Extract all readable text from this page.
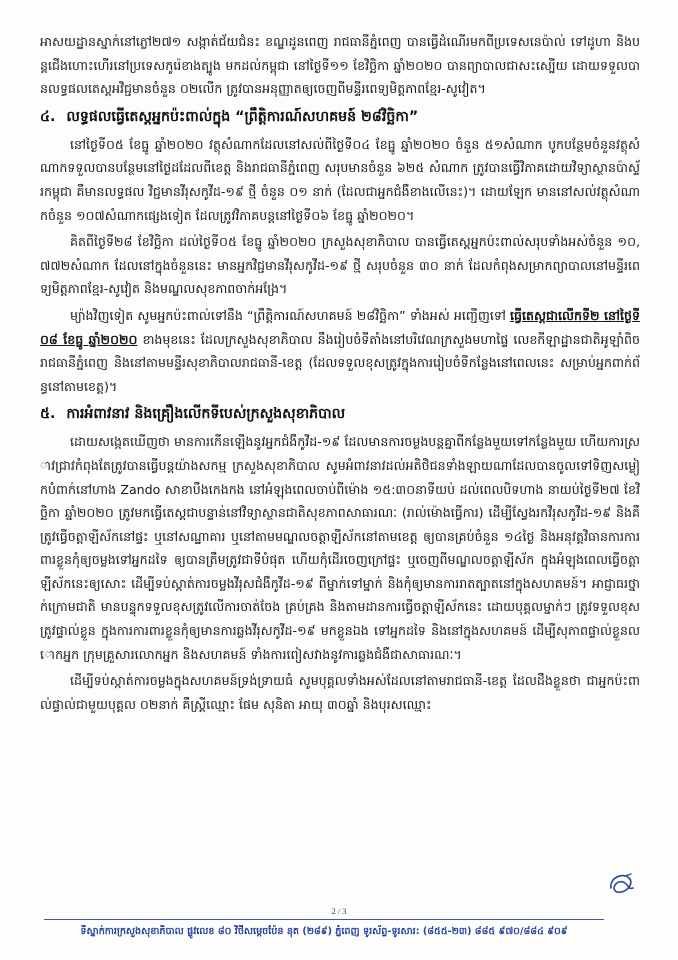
អាសយដ្ឋានស្នាក់នៅភ្លៅ២៧១ សង្កាត់ជ័យជំនះ ខណ្ឌដូនពេញ រាជធានីភ្នំពេញ បានធ្វើដំណើរមកពីប្រទេសនេប៉ាល់ ទៅដូហា និងបន្តជើងហោះហើរនៅប្រទេសកូរ៉េខាងត្បូង មកដល់កម្ពុជា នៅថ្ងៃទី១១ ខែវិច្ឆិកា ឆ្នាំ២០២០ បានព្យាបាលជាសះស្បើយ ដោយទទួលបានលទ្ធផលតេស្តអវិជ្ជមានចំនួន ០២លើក ត្រូវបានអនុញ្ញាតឲ្យចេញពីមន្ទីរពេទ្យមិត្តភាពខ្មែរ-សូវៀត។

៤. លទ្ធផលធ្វើតេស្តអ្នកប៉ះពាល់ក្នុង “ព្រឹត្តិការណ៍សហគមន៍ ២៨វិច្ឆិកា”

នៅថ្ងៃទី០៥ ខែធ្នូ ឆ្នាំ២០២០ វត្ថុសំណាកដែលនៅសល់ពីថ្ងៃទី០៤ ខែធ្នូ ឆ្នាំ២០២០ ចំនួន ៥១សំណាក បូកបន្ថែមចំនួនវត្ថុសំណាកទទួលបានបន្ថែមនៅថ្ងៃដដែលពីខេត្ត និងរាជធានីភ្នំពេញ សរុបមានចំនួន ៦២៥ សំណាក ត្រូវបានធ្វើវិភាគដោយវិទ្យាស្ថានប៉ាស្ទ័រកម្ពុជា គឺមានលទ្ធផល វិជ្ជមានវីរុសកូវីដ-១៩ ថ្មី ចំនួន ០១ នាក់ (ដែលជាអ្នកជំងឺខាងលើនេះ)។ ដោយឡែក មាននៅសល់វត្ថុសំណាកចំនួន ១០៧សំណាកផ្សេងទៀត ដែលត្រូវវិភាគបន្តនៅថ្ងៃទី០៦ ខែធ្នូ ឆ្នាំ២០២០។

គិតពីថ្ងៃទី២៨ ខែវិច្ឆិកា ដល់ថ្ងៃទី០៥ ខែធ្នូ ឆ្នាំ២០២០ ក្រសួងសុខាភិបាល បានធ្វើតេស្តអ្នកប៉ះពាល់សរុបទាំងអស់ចំនួន ១០,៧៧២សំណាក ដែលនៅក្នុងចំនួននេះ មានអ្នកវិជ្ជមានវីរុសកូវីដ-១៩ ថ្មី សរុបចំនួន ៣០ នាក់ ដែលកំពុងសម្រាកព្យាបាលនៅមន្ទីរពេទ្យមិត្តភាពខ្មែរ-សូវៀត និងមណ្ឌលសុខភាពចាក់អង្រែ។

ម្យ៉ាងវិញទៀត សូមអ្នកប៉ះពាល់ទៅនឹង “ព្រឹត្តិការណ៍សហគមន៍ ២៨វិច្ឆិកា” ទាំងអស់ អញ្ជើញទៅ ធ្វើតេស្តជាលើកទី២ នៅថ្ងៃទី០៨ ខែធ្នូ ឆ្នាំ២០២០ ខាងមុខនេះ ដែលក្រសួងសុខាភិបាល នឹងរៀបចំទីតាំងនៅបរិវេណក្រសួងមហាផ្ទៃ លេខកីឡាដ្ឋានជាតិអូឡាំពិច រាជធានីភ្នំពេញ និងនៅតាមមន្ទីរសុខាភិបាលរាជធានី-ខេត្ត (ដែលទទួលខុសត្រូវក្នុងការរៀបចំទីកន្លែងនៅពេលនេះ សម្រាប់អ្នកពាក់ព័ន្ធនៅតាមខេត្ត)។

៥. ការអំពាវនាវ និងគ្រឿងលើកទីបេស់ក្រសួងសុខាភិបាល

ដោយសង្កេតឃើញថា មានការកើនឡើងនូវអ្នកជំងឺកូវីដ-១៩ ដែលមានការចម្លងបន្តគ្នាពីកន្លែងមួយទៅកន្លែងមួយ ហើយការស្រាវជ្រាវកំពុងតែត្រូវបានធ្វើបន្តយ៉ាងសកម្ម ក្រសួងសុខាភិបាល សូមអំពាវនាវដល់អតិថិជនទាំងឡាយណាដែលបានចូលទៅទិញសម្លៀកបំពាក់នៅហាង Zando សាខាបឹងកេងកង នៅអំឡុងពេលចាប់ពីម៉ោង ១៥:៣០នាទីយប់ ដល់ពេលបិទហាង នាយប់ថ្ងៃទី២៧ ខែវិច្ឆិកា ឆ្នាំ២០២០ ត្រូវមកធ្វើតេស្តជាបន្ទាន់នៅវិទ្យាស្ថានជាតិសុខភាពសាធារណៈ (រាល់ម៉ោងធ្វើការ) ដើម្បីស្វែងរកវីរុសកូវីដ-១៩ និងគឺត្រូវធ្វើចត្តាឡីស័កនៅផ្ទះ ឬនៅសណ្ឋាគារ ឬនៅតាមមណ្ឌលចត្តាឡីស័កនៅតាមខេត្ត ឲ្យបានគ្រប់ចំនួន ១៤ថ្ងៃ និងអនុវត្តវិធានការការពារខ្លួនកុំឲ្យចម្លងទៅអ្នកដទៃ ឲ្យបានត្រឹមត្រូវជាទីបំផុត ហើយកុំដើរចេញក្រៅផ្ទះ ឬចេញពីមណ្ឌលចត្តាឡីស័ក ក្នុងអំឡុងពេលធ្វើចត្តាឡីស័កនេះឲ្យសោះ ដើម្បីទប់ស្កាត់ការចម្លងវីរុសជំងឺកូវីដ-១៩ ពីម្នាក់ទៅម្នាក់ និងកុំឲ្យមានការរាតត្បាតនៅក្នុងសហគមន៍។ អាជ្ញាធរថ្នាក់ក្រោមជាតិ មានបន្ទុកទទួលខុសត្រូវលើការចាត់ចែង គ្រប់គ្រង និងតាមដានការធ្វើចត្តាឡីស័កនេះ ដោយបុគ្គលម្នាក់ៗ ត្រូវទទួលខុសត្រូវផ្ទាល់ខ្លួន ក្នុងការការពារខ្លួនកុំឲ្យមានការឆ្លងវីរុសកូវីដ-១៩ មកខ្លួនឯង ទៅអ្នកដទៃ និងនៅក្នុងសហគមន៍ ដើម្បីសុភាពផ្ទាល់ខ្លួនលោកអ្នក ក្រុមគ្រួសារលោកអ្នក និងសហគមន៍ ទាំងការពៀសវាងនូវការឆ្លងជំងឺជាសាធារណៈ។

ដើម្បីទប់ស្កាត់ការចម្លងក្នុងសហគមន៍ទ្រង់ទ្រាយធំ សូមបុគ្គលទាំងអស់ដែលនៅតាមរាជធានី-ខេត្ត ដែលដឹងខ្លួនថា ជាអ្នកប៉ះពាល់ផ្ទាល់ជាមួយបុគ្គល ០២នាក់ គឺស្ត្រីឈ្មោះ ផែម សុនិតា អាយុ ៣០ឆ្នាំ និងបុរសឈ្មោះ

2 / 3
ទីស្នាក់ការក្រសួងសុខាភិបាល ផ្លូវលេខ ៨០ វិថីសម្ដេចប៉ែន នុត (២៨៩) ភ្នំពេញ ទូរស័ព្ទ-ទូរសារ: (៨៥៥-២៣) ៨៨៥ ៩៧០/៨៨៤ ៩០៩
